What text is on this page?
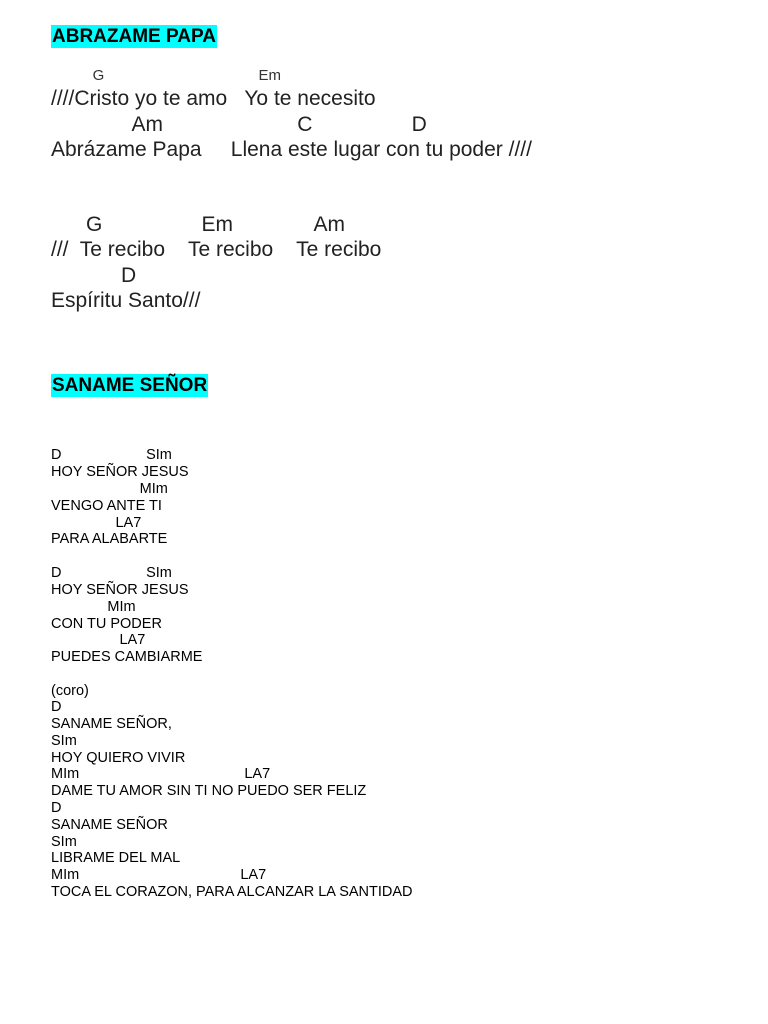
ABRAZAME PAPA
G                                     Em
////Cristo yo te amo   Yo te necesito
Am                       C                 D
Abrázame Papa     Llena este lugar con tu poder ////
G                 Em              Am
///  Te recibo    Te recibo    Te recibo
D
Espíritu Santo///
SANAME SEÑOR
D                     SIm
HOY SEÑOR JESUS
MIm
VENGO ANTE TI
LA7
PARA ALABARTE
D                     SIm
HOY SEÑOR JESUS
MIm
CON TU PODER
LA7
PUEDES CAMBIARME
(coro)
D
SANAME SEÑOR,
SIm
HOY QUIERO VIVIR
MIm                                         LA7
DAME TU AMOR SIN TI NO PUEDO SER FELIZ
D
SANAME SEÑOR
SIm
LIBRAME DEL MAL
MIm                                        LA7
TOCA EL CORAZON, PARA ALCANZAR LA SANTIDAD
